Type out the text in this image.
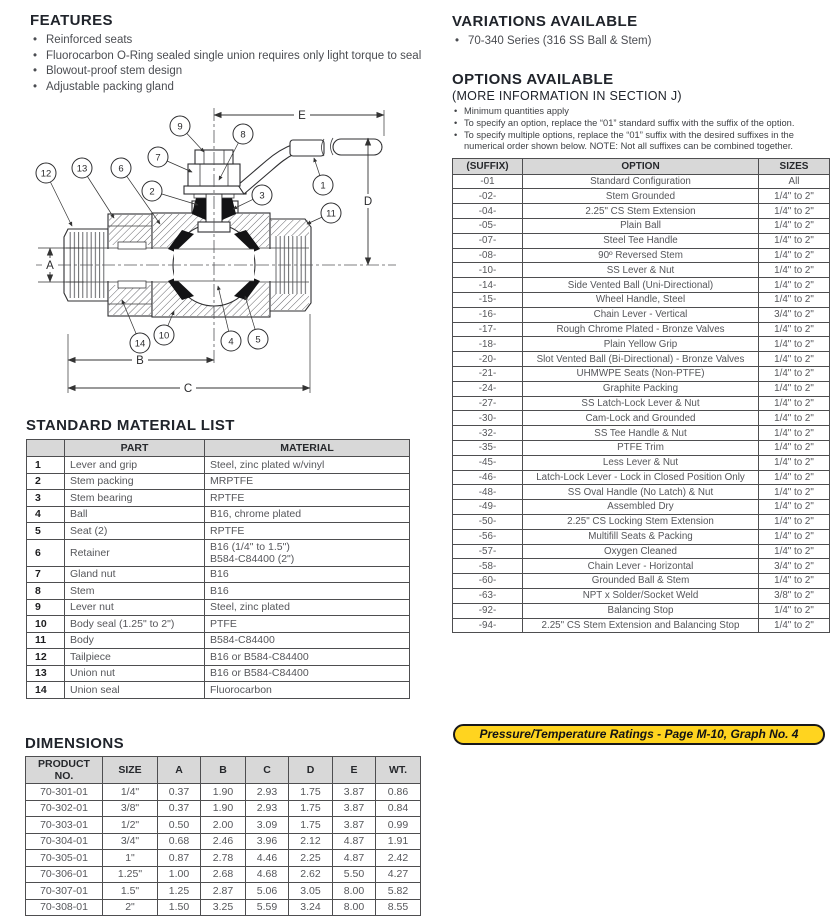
FEATURES
• Reinforced seats
• Fluorocarbon O-Ring sealed single union requires only light torque to seal
• Blowout-proof stem design
• Adjustable packing gland
E
D
A
B
C
12	13	6
7
2
9
8
3
11
1
14
10
4 5
STANDARD MATERIAL LIST
	PART	MATERIAL
1	Lever and grip	Steel, zinc plated w/vinyl
2	Stem packing	MRPTFE
3	Stem bearing	RPTFE
4	Ball	B16, chrome plated
5	Seat (2)	RPTFE
6	Retainer	B16 (1/4" to 1.5")
B584-C84400 (2")
7	Gland nut	B16
8	Stem	B16
9	Lever nut	Steel, zinc plated
10	Body seal (1.25" to 2")	PTFE
11	Body	B584-C84400
12	Tailpiece	B16 or B584-C84400
13	Union nut	B16 or B584-C84400
14	Union seal	Fluorocarbon
DIMENSIONS
PRODUCT NO.	SIZE	A	B	C	D	E	WT.
70-301-01	1/4"	0.37	1.90	2.93	1.75	3.87	0.86
70-302-01	3/8"	0.37	1.90	2.93	1.75	3.87	0.84
70-303-01	1/2"	0.50	2.00	3.09	1.75	3.87	0.99
70-304-01	3/4"	0.68	2.46	3.96	2.12	4.87	1.91
70-305-01	1"	0.87	2.78	4.46	2.25	4.87	2.42
70-306-01	1.25"	1.00	2.68	4.68	2.62	5.50	4.27
70-307-01	1.5"	1.25	2.87	5.06	3.05	8.00	5.82
70-308-01	2"	1.50	3.25	5.59	3.24	8.00	8.55
VARIATIONS AVAILABLE
• 70-340 Series (316 SS Ball & Stem)
OPTIONS AVAILABLE
(MORE INFORMATION IN SECTION J)
• Minimum quantities apply
• To specify an option, replace the “01” standard suffix with the suffix of the option.
• To specify multiple options, replace the “01” suffix with the desired suffixes in the numerical order shown below. NOTE: Not all suffixes can be combined together.
(SUFFIX)	OPTION	SIZES
-01	Standard Configuration	All
-02-	Stem Grounded	1/4" to 2"
-04-	2.25" CS Stem Extension	1/4" to 2"
-05-	Plain Ball	1/4" to 2"
-07-	Steel Tee Handle	1/4" to 2"
-08-	90º Reversed Stem	1/4" to 2"
-10-	SS Lever & Nut	1/4" to 2"
-14-	Side Vented Ball (Uni-Directional)	1/4" to 2"
-15-	Wheel Handle, Steel	1/4" to 2"
-16-	Chain Lever - Vertical	3/4" to 2"
-17-	Rough Chrome Plated - Bronze Valves	1/4" to 2"
-18-	Plain Yellow Grip	1/4" to 2"
-20-	Slot Vented Ball (Bi-Directional) - Bronze Valves	1/4" to 2"
-21-	UHMWPE Seats (Non-PTFE)	1/4" to 2"
-24-	Graphite Packing	1/4" to 2"
-27-	SS Latch-Lock Lever & Nut	1/4" to 2"
-30-	Cam-Lock and Grounded	1/4" to 2"
-32-	SS Tee Handle & Nut	1/4" to 2"
-35-	PTFE Trim	1/4" to 2"
-45-	Less Lever & Nut	1/4" to 2"
-46-	Latch-Lock Lever - Lock in Closed Position Only	1/4" to 2"
-48-	SS Oval Handle (No Latch) & Nut	1/4" to 2"
-49-	Assembled Dry	1/4" to 2"
-50-	2.25" CS Locking Stem Extension	1/4" to 2"
-56-	Multifill Seats & Packing	1/4" to 2"
-57-	Oxygen Cleaned	1/4" to 2"
-58-	Chain Lever - Horizontal	3/4" to 2"
-60-	Grounded Ball & Stem	1/4" to 2"
-63-	NPT x Solder/Socket Weld	3/8" to 2"
-92-	Balancing Stop	1/4" to 2"
-94-	2.25" CS Stem Extension and Balancing Stop	1/4" to 2"
Pressure/Temperature Ratings - Page M-10, Graph No. 4
